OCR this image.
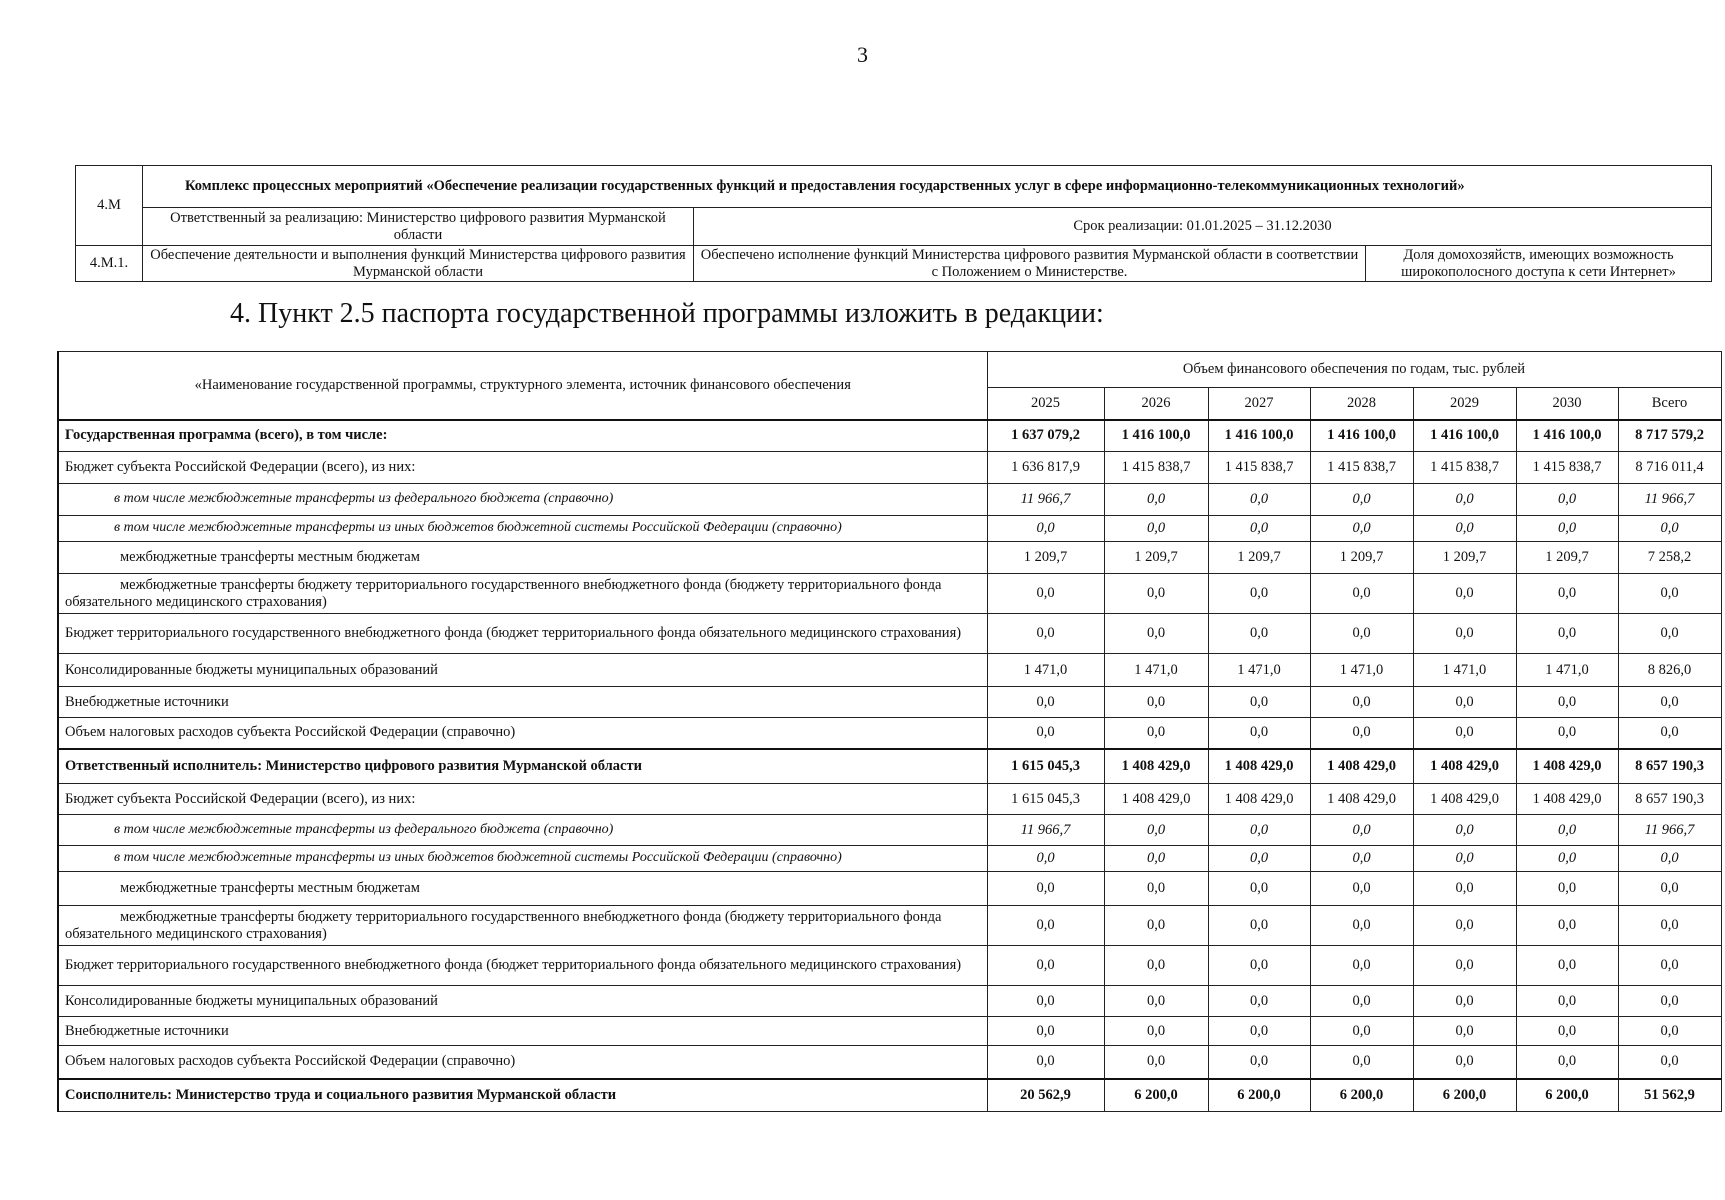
3
4.M	Комплекс процессных мероприятий «Обеспечение реализации государственных функций и предоставления государственных услуг в сфере информационно-телекоммуникационных технологий»		
	Ответственный за реализацию: Министерство цифрового развития Мурманской области	Срок реализации: 01.01.2025 – 31.12.2030	
4.M.1.	Обеспечение деятельности и выполнения функций Министерства цифрового развития Мурманской области	Обеспечено исполнение функций Министерства цифрового развития Мурманской области в соответствии с Положением о Министерстве.	Доля домохозяйств, имеющих возможность широкополосного доступа к сети Интернет»
4. Пункт 2.5 паспорта государственной программы изложить в редакции:
«Наименование государственной программы, структурного элемента, источник финансового обеспечения	Объем финансового обеспечения по годам, тыс. рублей						
	2025	2026	2027	2028	2029	2030	Всего
Государственная программа (всего), в том числе:	1 637 079,2	1 416 100,0	1 416 100,0	1 416 100,0	1 416 100,0	1 416 100,0	8 717 579,2
Бюджет субъекта Российской Федерации (всего), из них:	1 636 817,9	1 415 838,7	1 415 838,7	1 415 838,7	1 415 838,7	1 415 838,7	8 716 011,4
в том числе межбюджетные трансферты из федерального бюджета (справочно)	11 966,7	0,0	0,0	0,0	0,0	0,0	11 966,7
в том числе межбюджетные трансферты из иных бюджетов бюджетной системы Российской Федерации (справочно)	0,0	0,0	0,0	0,0	0,0	0,0	0,0
межбюджетные трансферты местным бюджетам	1 209,7	1 209,7	1 209,7	1 209,7	1 209,7	1 209,7	7 258,2
межбюджетные трансферты бюджету территориального государственного внебюджетного фонда (бюджету территориального фонда обязательного медицинского страхования)	0,0	0,0	0,0	0,0	0,0	0,0	0,0
Бюджет территориального государственного внебюджетного фонда (бюджет территориального фонда обязательного медицинского страхования)	0,0	0,0	0,0	0,0	0,0	0,0	0,0
Консолидированные бюджеты муниципальных образований	1 471,0	1 471,0	1 471,0	1 471,0	1 471,0	1 471,0	8 826,0
Внебюджетные источники	0,0	0,0	0,0	0,0	0,0	0,0	0,0
Объем налоговых расходов субъекта Российской Федерации (справочно)	0,0	0,0	0,0	0,0	0,0	0,0	0,0
Ответственный исполнитель: Министерство цифрового развития Мурманской области	1 615 045,3	1 408 429,0	1 408 429,0	1 408 429,0	1 408 429,0	1 408 429,0	8 657 190,3
Бюджет субъекта Российской Федерации (всего), из них:	1 615 045,3	1 408 429,0	1 408 429,0	1 408 429,0	1 408 429,0	1 408 429,0	8 657 190,3
в том числе межбюджетные трансферты из федерального бюджета (справочно)	11 966,7	0,0	0,0	0,0	0,0	0,0	11 966,7
в том числе межбюджетные трансферты из иных бюджетов бюджетной системы Российской Федерации (справочно)	0,0	0,0	0,0	0,0	0,0	0,0	0,0
межбюджетные трансферты местным бюджетам	0,0	0,0	0,0	0,0	0,0	0,0	0,0
межбюджетные трансферты бюджету территориального государственного внебюджетного фонда (бюджету территориального фонда обязательного медицинского страхования)	0,0	0,0	0,0	0,0	0,0	0,0	0,0
Бюджет территориального государственного внебюджетного фонда (бюджет территориального фонда обязательного медицинского страхования)	0,0	0,0	0,0	0,0	0,0	0,0	0,0
Консолидированные бюджеты муниципальных образований	0,0	0,0	0,0	0,0	0,0	0,0	0,0
Внебюджетные источники	0,0	0,0	0,0	0,0	0,0	0,0	0,0
Объем налоговых расходов субъекта Российской Федерации (справочно)	0,0	0,0	0,0	0,0	0,0	0,0	0,0
Соисполнитель: Министерство труда и социального развития Мурманской области	20 562,9	6 200,0	6 200,0	6 200,0	6 200,0	6 200,0	51 562,9
